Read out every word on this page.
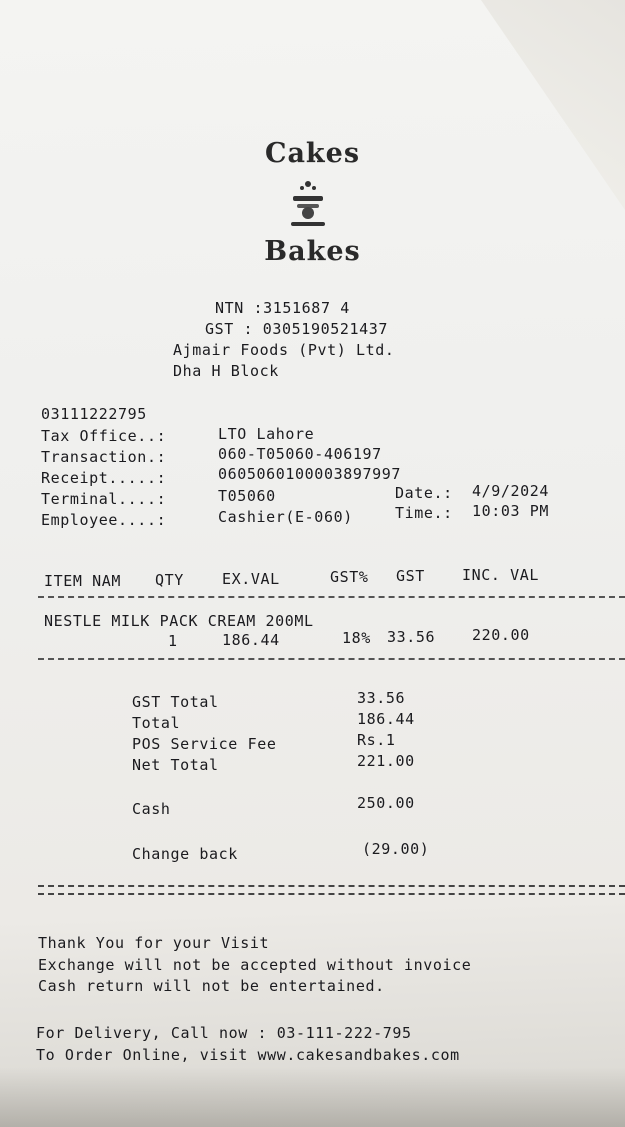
Cakes
Bakes
NTN :3151687 4
GST : 0305190521437
Ajmair Foods (Pvt) Ltd.
Dha H Block
03111222795
Tax Office..:	LTO Lahore
Transaction.:	060-T05060-406197
Receipt.....:	0605060100003897997
Terminal....:	T05060	Date.: 4/9/2024
Employee....:	Cashier(E-060)	Time.: 10:03 PM
ITEM NAM QTY	EX.VAL	GST% GST INC. VAL
NESTLE MILK PACK CREAM 200ML
1	186.44	18% 33.56 220.00
GST Total	33.56
Total	186.44
POS Service Fee	Rs.1
Net Total	221.00
Cash	250.00
Change back	(29.00)
Thank You for your Visit
Exchange will not be accepted without invoice
Cash return will not be entertained.
For Delivery, Call now : 03-111-222-795
To Order Online, visit www.cakesandbakes.com
